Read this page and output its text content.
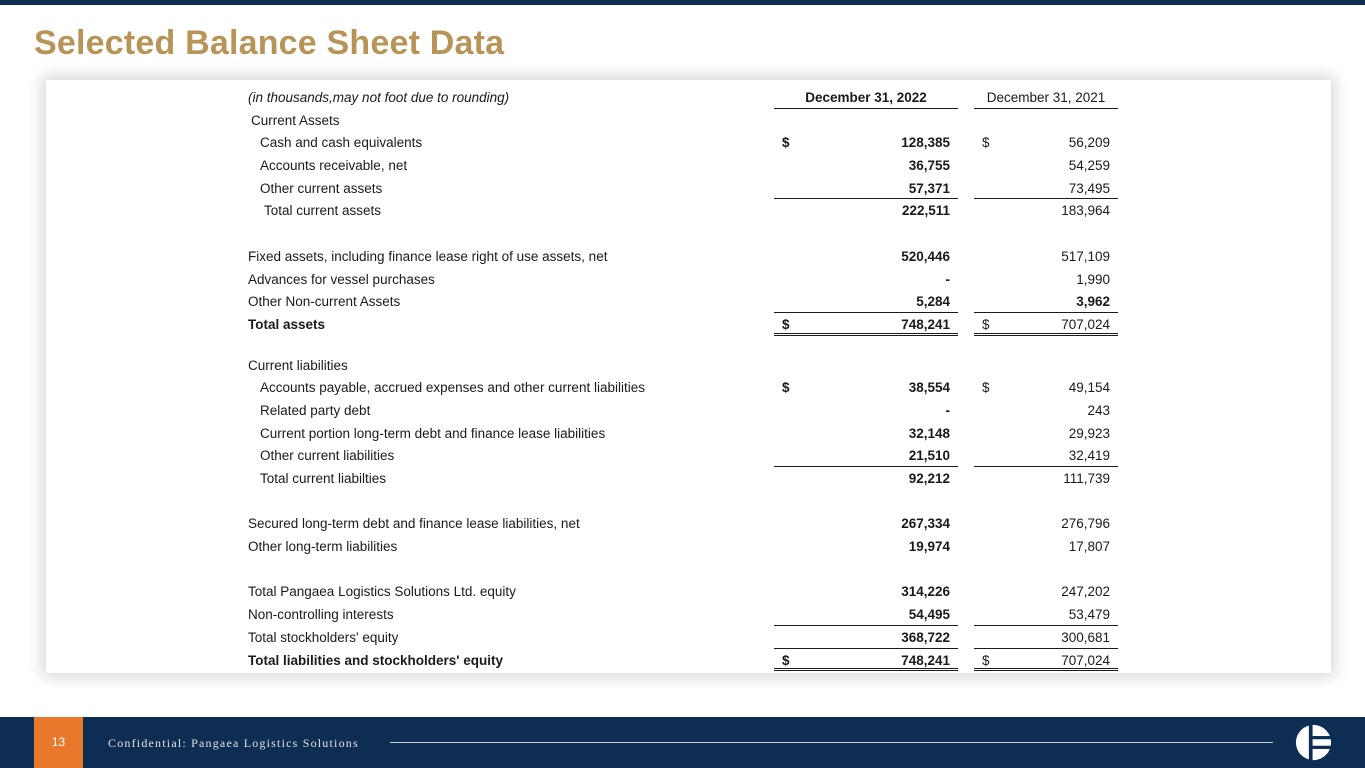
Selected Balance Sheet Data
(in thousands,may not foot due to rounding)	December 31, 2022	December 31, 2021
Current Assets
Cash and cash equivalents	$	128,385 $	56,209
Accounts receivable, net	36,755	54,259
Other current assets	57,371	73,495
Total current assets	222,511	183,964
Fixed assets, including finance lease right of use assets, net	520,446	517,109
Advances for vessel purchases	-	1,990
Other Non-current Assets	5,284	3,962
Total assets	$	748,241 $	707,024
Current liabilities
Accounts payable, accrued expenses and other current liabilities	$	38,554 $	49,154
Related party debt	-	243
Current portion long-term debt and finance lease liabilities	32,148	29,923
Other current liabilities	21,510	32,419
Total current liabilties	92,212	111,739
Secured long-term debt and finance lease liabilities, net	267,334	276,796
Other long-term liabilities	19,974	17,807
Total Pangaea Logistics Solutions Ltd. equity	314,226	247,202
Non-controlling interests	54,495	53,479
Total stockholders' equity	368,722	300,681
Total liabilities and stockholders' equity	$	748,241 $	707,024
13	Confidential: Pangaea Logistics Solutions
